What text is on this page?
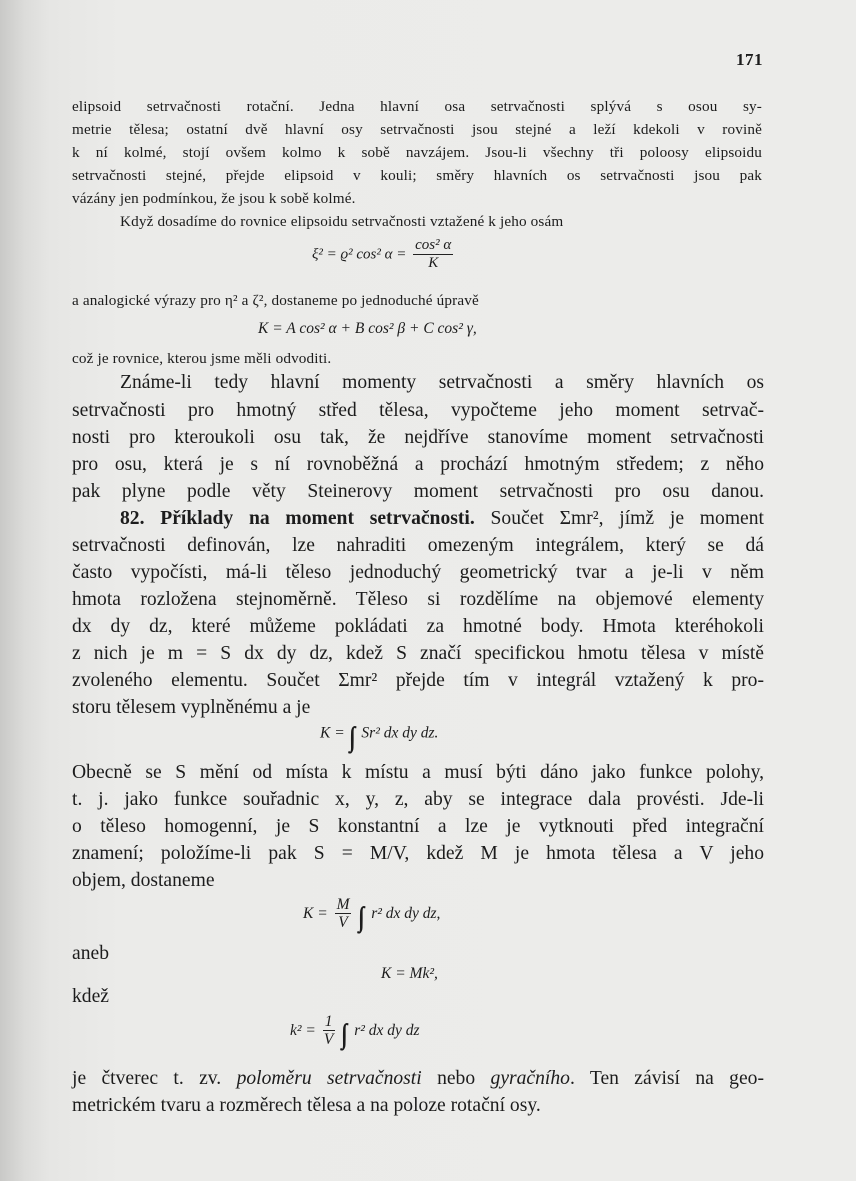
171
elipsoid setrvačnosti rotační. Jedna hlavní osa setrvačnosti splývá s osou sy-
metrie tělesa; ostatní dvě hlavní osy setrvačnosti jsou stejné a leží kdekoli v rovině
k ní kolmé, stojí ovšem kolmo k sobě navzájem. Jsou-li všechny tři poloosy elipsoidu
setrvačnosti stejné, přejde elipsoid v kouli; směry hlavních os setrvačnosti jsou pak
vázány jen podmínkou, že jsou k sobě kolmé.
Když dosadíme do rovnice elipsoidu setrvačnosti vztažené k jeho osám
ξ² = ϱ² cos² $\alpha = \frac{\text{cos² α}}{K}$
a analogické výrazy pro η² a ζ², dostaneme po jednoduché úpravě
K = A cos² α + B cos² β + C cos² γ,
což je rovnice, kterou jsme měli odvoditi.
Známe-li tedy hlavní momenty setrvačnosti a směry hlavních os
setrvačnosti pro hmotný střed tělesa, vypočteme jeho moment setrvač-
nosti pro kteroukoli osu tak, že nejdříve stanovíme moment setrvačnosti
pro osu, která je s ní rovnoběžná a prochází hmotným středem; z něho
pak plyne podle věty Steinerovy moment setrvačnosti pro osu danou.
82. Příklady na moment setrvačnosti. Součet Σmr², jímž je moment
setrvačnosti definován, lze nahraditi omezeným integrálem, který se dá
často vypočísti, má-li těleso jednoduchý geometrický tvar a je-li v něm
hmota rozložena stejnoměrně. Těleso si rozdělíme na objemové elementy
dx dy dz, které můžeme pokládati za hmotné body. Hmota kteréhokoli
z nich je m = S dx dy dz, kdež S značí specifickou hmotu tělesa v místě
zvoleného elementu. Součet Σmr² přejde tím v integrál vztažený k pro-
storu tělesem vyplněnému a je
K = ∫∫∫ Sr² dx dy dz.
Obecně se S mění od místa k místu a musí býti dáno jako funkce polohy,
t. j. jako funkce souřadnic x, y, z, aby se integrace dala provésti. Jde-li
o těleso homogenní, je S konstantní a lze je vytknouti před integrační
znamení; položíme-li pak S = M/V, kdež M je hmota tělesa a V jeho
objem, dostaneme
$K = \frac{M}{V}$ ∫∫∫ r² dx dy dz,
aneb
K = Mk²,
kdež
$k^2 = \frac{1}{V}$ ∫∫∫ r² dx dy dz
je čtverec t. zv. poloměru setrvačnosti nebo gyračního. Ten závisí na geo-
metrickém tvaru a rozměrech tělesa a na poloze rotační osy.
